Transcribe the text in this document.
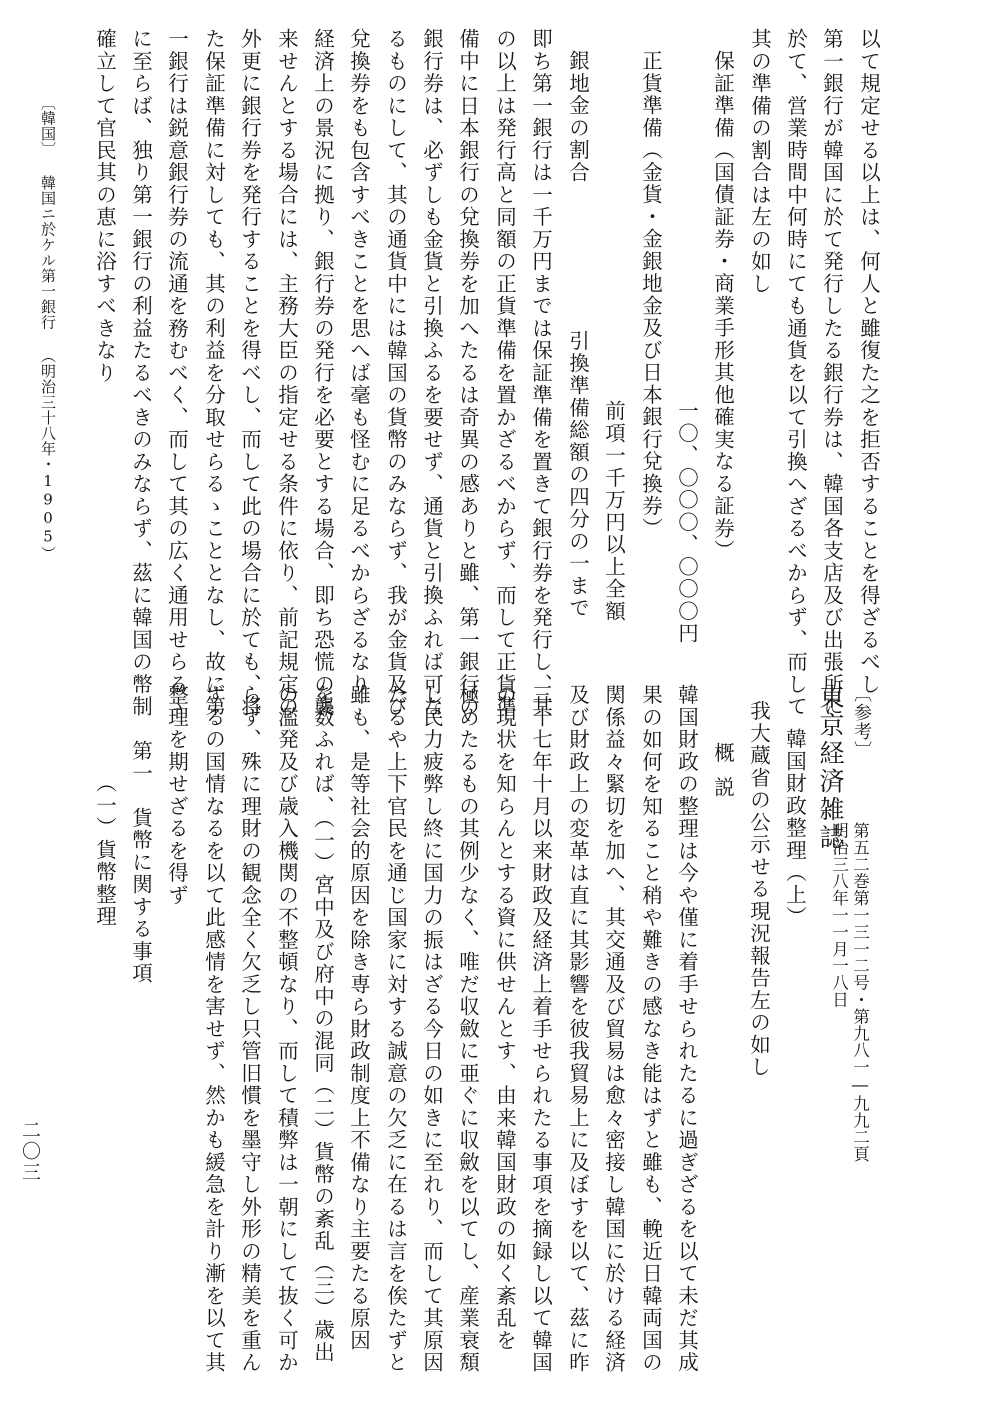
以て規定せる以上は、何人と雖復た之を拒否することを得ざるべし
第一銀行が韓国に於て発行したる銀行券は、韓国各支店及び出張所に
於て、営業時間中何時にても通貨を以て引換へざるべからず、而して
其の準備の割合は左の如し
保証準備（国債証券・商業手形其他確実なる証券）
一〇、〇〇〇、〇〇〇円
正貨準備（金貨・金銀地金及び日本銀行兌換券）
前項一千万円以上全額
銀地金の割合
引換準備総額の四分の一まで
即ち第一銀行は一千万円までは保証準備を置きて銀行券を発行し、其
の以上は発行高と同額の正貨準備を置かざるべからず、而して正貨準
備中に日本銀行の兌換券を加へたるは奇異の感ありと雖、第一銀行の
銀行券は、必ずしも金貨と引換ふるを要せず、通貨と引換ふれば可な
るものにして、其の通貨中には韓国の貨幣のみならず、我が金貨及び
兌換券をも包含すべきことを思へば毫も怪むに足るべからざるなり
経済上の景況に拠り、銀行券の発行を必要とする場合、即ち恐慌の襲
来せんとする場合には、主務大臣の指定せる条件に依り、前記規定の
外更に銀行券を発行することを得べし、而して此の場合に於ても、将
た保証準備に対しても、其の利益を分取せらるゝこととなし、故に第
一銀行は鋭意銀行券の流通を務むべく、而して其の広く通用せらるゝ
に至らば、独り第一銀行の利益たるべきのみならず、茲に韓国の幣制
確立して官民其の恵に浴すべきなり
〔韓国〕韓国ニ於ケル第一銀行（明治三十八年・1905）
〔参考〕
東京経済雑誌
第五二巻第一三一二号・第九八一―九九二頁
明治三八年一一月一八日
韓国財政整理（上）
我大蔵省の公示せる現況報告左の如し
概説
韓国財政の整理は今や僅に着手せられたるに過ぎざるを以て未だ其成
果の如何を知ること稍や難きの感なき能はずと雖も、輓近日韓両国の
関係益々緊切を加へ、其交通及び貿易は愈々密接し韓国に於ける経済
及び財政上の変革は直に其影響を彼我貿易上に及ぼすを以て、茲に昨
三十七年十月以来財政及経済上着手せられたる事項を摘録し以て韓国
の現状を知らんとする資に供せんとす、由来韓国財政の如く紊乱を
極めたるもの其例少なく、唯だ収斂に亜ぐに収斂を以てし、産業衰頽
し民力疲弊し終に国力の振はざる今日の如きに至れり、而して其原因
たるや上下官民を通じ国家に対する誠意の欠乏に在るは言を俟たずと
雖も、是等社会的原因を除き専ら財政制度上不備なり主要たる原因
を数ふれば、（一）宮中及び府中の混同（二）貨幣の紊乱（三）歳出
の濫発及び歳入機関の不整頓なり、而して積弊は一朝にして抜く可か
らず、殊に理財の観念全く欠乏し只管旧慣を墨守し外形の精美を重ん
ずるの国情なるを以て此感情を害せず、然かも緩急を計り漸を以て其
整理を期せざるを得ず
第一　貨幣に関する事項
（一）貨幣整理
二〇三
